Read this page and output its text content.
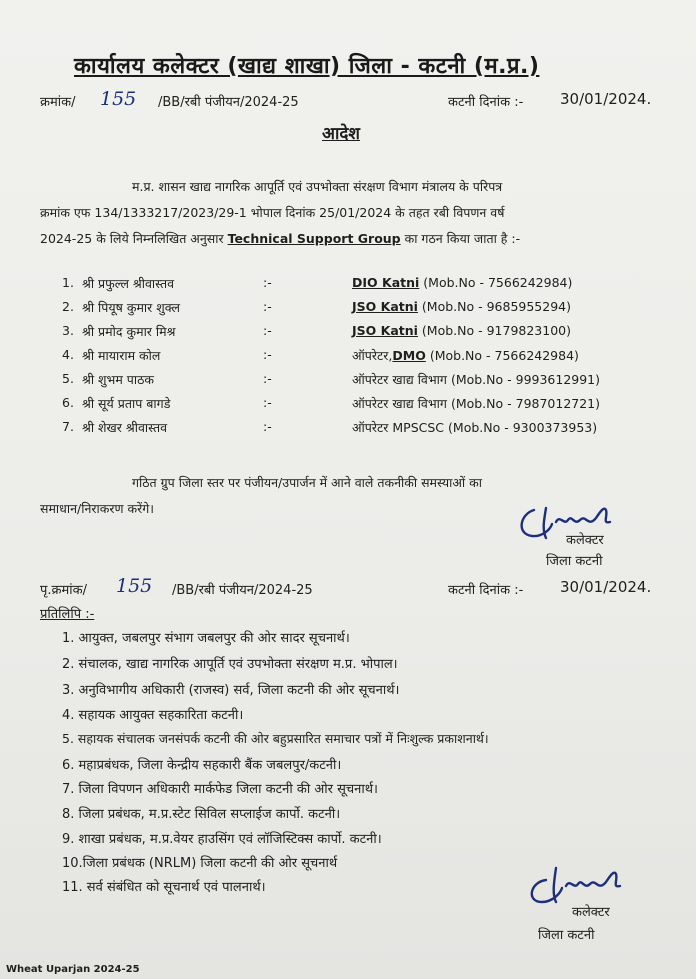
कार्यालय कलेक्टर (खाद्य शाखा) जिला - कटनी (म.प्र.)
क्रमांक/ 155 /BB/रबी पंजीयन/2024-25	कटनी दिनांक :- 30/01/2024.
आदेश
म.प्र. शासन खाद्य नागरिक आपूर्ति एवं उपभोक्ता संरक्षण विभाग मंत्रालय के परिपत्र
क्रमांक एफ 134/1333217/2023/29-1 भोपाल दिनांक 25/01/2024 के तहत रबी विपणन वर्ष
2024-25 के लिये निम्नलिखित अनुसार Technical Support Group का गठन किया जाता है :-
1. श्री प्रफुल्ल श्रीवास्तव	:-	DIO Katni (Mob.No - 7566242984)
2. श्री पियूष कुमार शुक्ल	:-	JSO Katni (Mob.No - 9685955294)
3. श्री प्रमोद कुमार मिश्र	:-	JSO Katni (Mob.No - 9179823100)
4. श्री मायाराम कोल	:-	ऑपरेटर,DMO (Mob.No - 7566242984)
5. श्री शुभम पाठक	:-	ऑपरेटर खाद्य विभाग (Mob.No - 9993612991)
6. श्री सूर्य प्रताप बागडे	:-	ऑपरेटर खाद्य विभाग (Mob.No - 7987012721)
7. श्री शेखर श्रीवास्तव	:-	ऑपरेटर MPSCSC (Mob.No - 9300373953)
गठित ग्रुप जिला स्तर पर पंजीयन/उपार्जन में आने वाले तकनीकी समस्याओं का
समाधान/निराकरण करेंगे।
कलेक्टर
जिला कटनी
पृ.क्रमांक/ 155 /BB/रबी पंजीयन/2024-25	कटनी दिनांक :- 30/01/2024.
प्रतिलिपि :-
1. आयुक्त, जबलपुर संभाग जबलपुर की ओर सादर सूचनार्थ।
2. संचालक, खाद्य नागरिक आपूर्ति एवं उपभोक्ता संरक्षण म.प्र. भोपाल।
3. अनुविभागीय अधिकारी (राजस्व) सर्व, जिला कटनी की ओर सूचनार्थ।
4. सहायक आयुक्त सहकारिता कटनी।
5. सहायक संचालक जनसंपर्क कटनी की ओर बहुप्रसारित समाचार पत्रों में निःशुल्क प्रकाशनार्थ।
6. महाप्रबंधक, जिला केन्द्रीय सहकारी बैंक जबलपुर/कटनी।
7. जिला विपणन अधिकारी मार्कफेड जिला कटनी की ओर सूचनार्थ।
8. जिला प्रबंधक, म.प्र.स्टेट सिविल सप्लाईज कार्पो. कटनी।
9. शाखा प्रबंधक, म.प्र.वेयर हाउसिंग एवं लॉजिस्टिक्स कार्पो. कटनी।
10.जिला प्रबंधक (NRLM) जिला कटनी की ओर सूचनार्थ
11. सर्व संबंधित को सूचनार्थ एवं पालनार्थ।
कलेक्टर
जिला कटनी
Wheat Uparjan 2024-25
